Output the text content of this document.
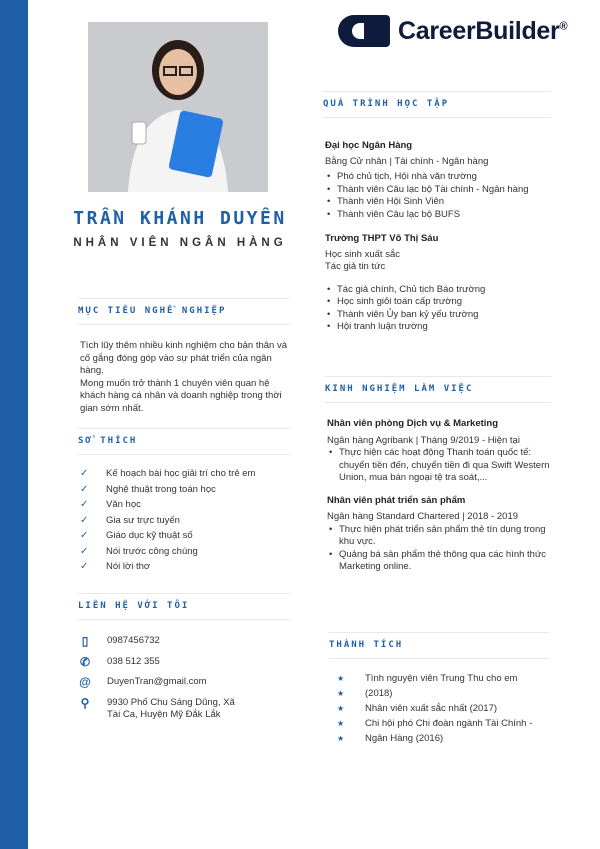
CareerBuilder®
TRẦN KHÁNH DUYÊN
NHÂN VIÊN NGÂN HÀNG
MỤC TIÊU NGHỀ NGHIỆP
Tích lũy thêm nhiều kinh nghiệm cho bản thân và cố gắng đóng góp vào sự phát triển của ngân hàng.
Mong muốn trở thành 1 chuyên viên quan hệ khách hàng cá nhân và doanh nghiệp trong thời gian sớm nhất.
SỞ THÍCH
✓	Kế hoạch bài học giải trí cho trẻ em
✓	Nghệ thuật trong toán học
✓	Văn học
✓	Gia sư trực tuyến
✓	Giáo dục kỹ thuật số
✓	Nói trước công chúng
✓	Nói lời thơ
LIÊN HỆ VỚI TÔI
▯ 0987456732
✆ 038 512 355
@ DuyenTran@gmail.com
⚲ 9930 Phố Chu Sáng Dũng, Xã
Tài Ca, Huyện Mỹ Đắk Lắk
QUÁ TRÌNH HỌC TẬP
Đại học Ngân Hàng
Bằng Cử nhân | Tài chính - Ngân hàng
• Phó chủ tịch, Hội nhà văn trường
• Thành viên Câu lạc bộ Tài chính - Ngân hàng
• Thành viên Hội Sinh Viên
• Thành viên Câu lạc bộ BUFS
Trường THPT Võ Thị Sáu
Học sinh xuất sắc
Tác giả tin tức
• Tác giả chính, Chủ tịch Báo trường
• Học sinh giỏi toán cấp trường
• Thành viên Ủy ban kỷ yếu trường
• Hội tranh luận trường
KINH NGHIỆM LÀM VIỆC
Nhân viên phòng Dịch vụ & Marketing
Ngân hàng Agribank | Tháng 9/2019 - Hiện tại
• Thực hiện các hoạt động Thanh toán quốc tế: chuyển tiền đến, chuyển tiền đi qua Swift Western Union, mua bán ngoại tệ tra soát,...
Nhân viên phát triển sản phẩm
Ngân hàng Standard Chartered | 2018 - 2019
• Thực hiện phát triển sản phẩm thẻ tín dụng trong khu vực.
• Quảng bá sản phẩm thẻ thông qua các hình thức Marketing online.
THÀNH TÍCH
★ Tình nguyện viên Trung Thu cho em
★ (2018)
★ Nhân viên xuất sắc nhất (2017)
★ Chi hội phó Chi đoàn ngành Tài Chính -
★ Ngân Hàng (2016)
